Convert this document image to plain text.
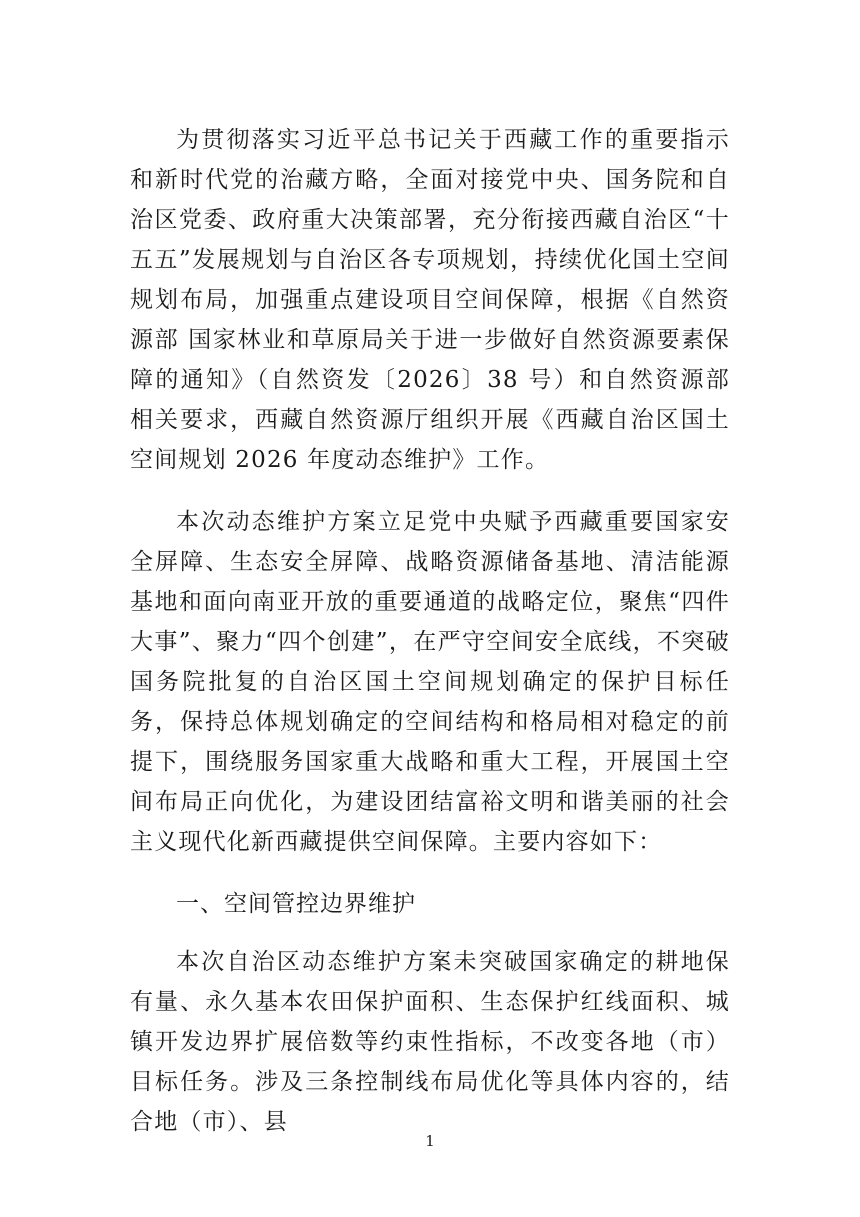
为贯彻落实习近平总书记关于西藏工作的重要指示和新时代党的治藏方略，全面对接党中央、国务院和自治区党委、政府重大决策部署，充分衔接西藏自治区“十五五”发展规划与自治区各专项规划，持续优化国土空间规划布局，加强重点建设项目空间保障，根据《自然资源部 国家林业和草原局关于进一步做好自然资源要素保障的通知》（自然资发〔2026〕38 号）和自然资源部相关要求，西藏自然资源厅组织开展《西藏自治区国土空间规划 2026 年度动态维护》工作。

本次动态维护方案立足党中央赋予西藏重要国家安全屏障、生态安全屏障、战略资源储备基地、清洁能源基地和面向南亚开放的重要通道的战略定位，聚焦“四件大事”、聚力“四个创建”，在严守空间安全底线，不突破国务院批复的自治区国土空间规划确定的保护目标任务，保持总体规划确定的空间结构和格局相对稳定的前提下，围绕服务国家重大战略和重大工程，开展国土空间布局正向优化，为建设团结富裕文明和谐美丽的社会主义现代化新西藏提供空间保障。主要内容如下：

一、空间管控边界维护

本次自治区动态维护方案未突破国家确定的耕地保有量、永久基本农田保护面积、生态保护红线面积、城镇开发边界扩展倍数等约束性指标，不改变各地（市）目标任务。涉及三条控制线布局优化等具体内容的，结合地（市）、县

1
